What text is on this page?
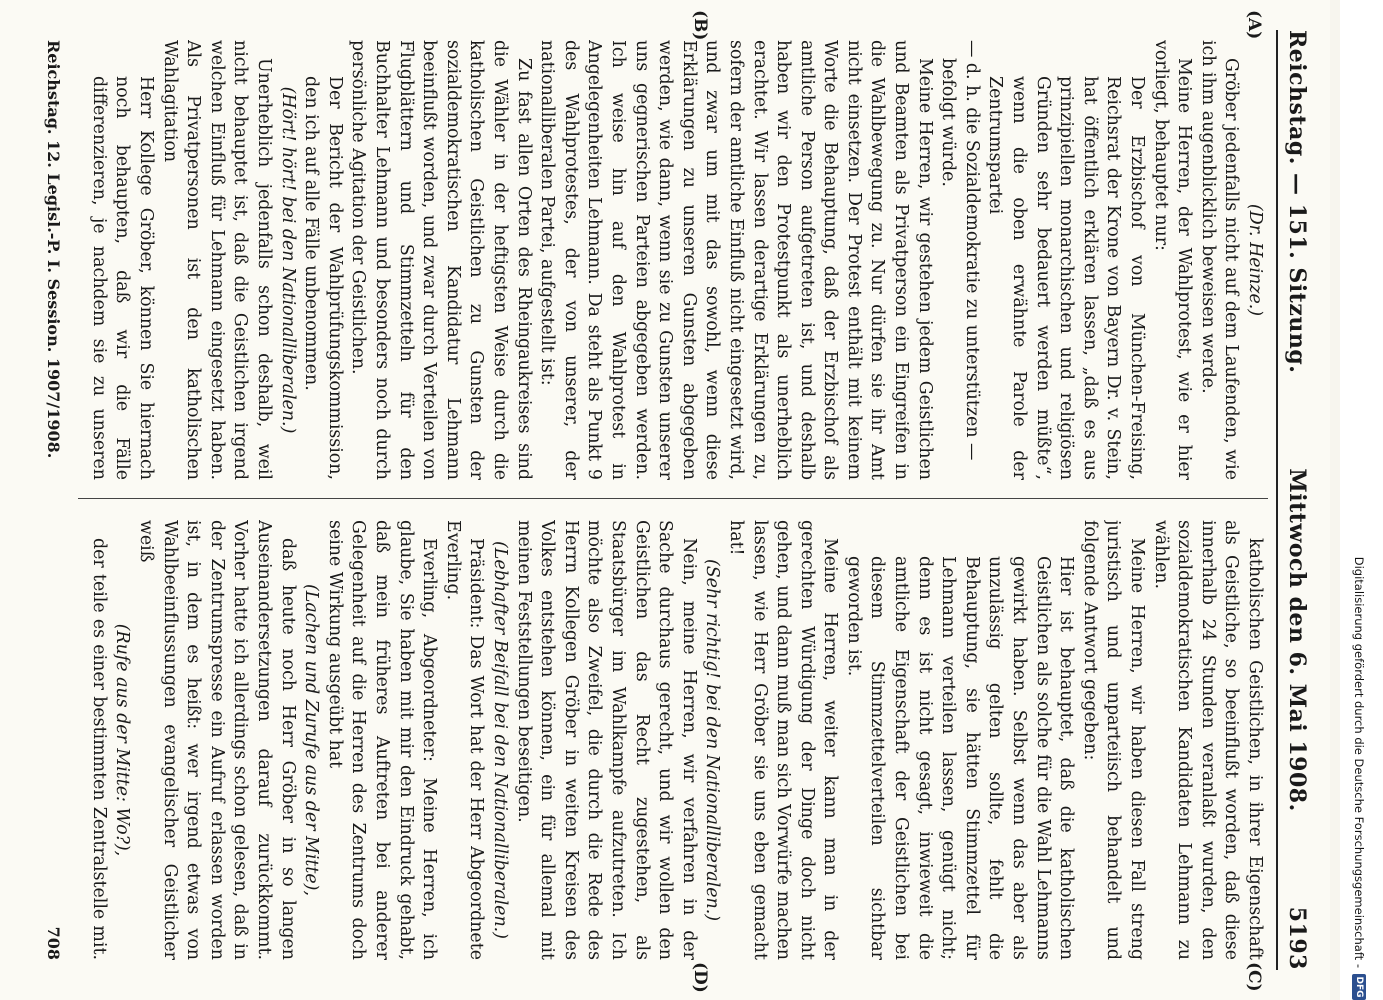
Reichstag. — 151. Sitzung.
Mittwoch den 6. Mai 1908.
5193
(A)
(B)
(C)
(D)

(Dr. Heinze.)

Gröber jedenfalls nicht auf dem Laufenden, wie ich ihm augenblicklich beweisen werde.

Meine Herren, der Wahlprotest, wie er hier vorliegt, behauptet nur:

Der Erzbischof von München-Freising, Reichsrat der Krone von Bayern Dr. v. Stein, hat öffentlich erklären lassen, „daß es aus prinzipiellen monarchischen und religiösen Gründen sehr bedauert werden müßte“, wenn die oben erwähnte Parole der Zentrumspartei

— d. h. die Sozialdemokratie zu unterstützen —

befolgt würde.

Meine Herren, wir gestehen jedem Geistlichen und Beamten als Privatperson ein Eingreifen in die Wahlbewegung zu. Nur dürfen sie ihr Amt nicht einsetzen. Der Protest enthält mit keinem Worte die Behauptung, daß der Erzbischof als amtliche Person aufgetreten ist, und deshalb haben wir den Protestpunkt als unerheblich erachtet. Wir lassen derartige Erklärungen zu, sofern der amtliche Einfluß nicht eingesetzt wird, und zwar um mit das sowohl, wenn diese Erklärungen zu unseren Gunsten abgegeben werden, wie dann, wenn sie zu Gunsten unserer uns gegnerischen Parteien abgegeben werden. Ich weise hin auf den Wahlprotest in Angelegenheiten Lehmann. Da steht als Punkt 9 des Wahlprotestes, der von unserer, der nationalliberalen Partei, aufgestellt ist:

Zu fast allen Orten des Rheingaukreises sind die Wähler in der heftigsten Weise durch die katholischen Geistlichen zu Gunsten der sozialdemokratischen Kandidatur Lehmann beeinflußt worden, und zwar durch Verteilen von Flugblättern und Stimmzetteln für den Buchhalter Lehmann und besonders noch durch persönliche Agitation der Geistlichen.

Der Bericht der Wahlprüfungskommission, den ich auf alle Fälle unbenommen.

(Hört! hört! bei den Nationalliberalen.)

Unerheblich jedenfalls schon deshalb, weil nicht behauptet ist, daß die Geistlichen irgend welchen Einfluß für Lehmann eingesetzt haben. Als Privatpersonen ist den katholischen Wahlagitation

Herr Kollege Gröber, können Sie hiernach noch behaupten, daß wir die Fälle differenzieren, je nachdem sie zu unseren

katholischen Geistlichen, in ihrer Eigenschaft als Geistliche, so beeinflußt worden, daß diese innerhalb 24 Stunden veranlaßt wurden, den sozialdemokratischen Kandidaten Lehmann zu wählen.

Meine Herren, wir haben diesen Fall streng juristisch und unparteiisch behandelt und folgende Antwort gegeben:

Hier ist behauptet, daß die katholischen Geistlichen als solche für die Wahl Lehmanns gewirkt haben. Selbst wenn das aber als unzulässig gelten sollte, fehlt die Behauptung, sie hätten Stimmzettel für Lehmann verteilen lassen, genügt nicht; denn es ist nicht gesagt, inwieweit die amtliche Eigenschaft der Geistlichen bei diesem Stimmzettelverteilen sichtbar geworden ist.

Meine Herren, weiter kann man in der gerechten Würdigung der Dinge doch nicht gehen, und dann muß man sich Vorwürfe machen lassen, wie Herr Gröber sie uns eben gemacht hat!

(Sehr richtig! bei den Nationalliberalen.)

Nein, meine Herren, wir verfahren in der Sache durchaus gerecht, und wir wollen den Geistlichen das Recht zugestehen, als Staatsbürger im Wahlkampfe aufzutreten. Ich möchte also Zweifel, die durch die Rede des Herrn Kollegen Gröber in weiten Kreisen des Volkes entstehen können, ein für allemal mit meinen Feststellungen beseitigen.

(Lebhafter Beifall bei den Nationalliberalen.)

Präsident: Das Wort hat der Herr Abgeordnete Everling.

Everling, Abgeordneter: Meine Herren, ich glaube, Sie haben mit mir den Eindruck gehabt, daß mein früheres Auftreten bei anderer Gelegenheit auf die Herren des Zentrums doch seine Wirkung ausgeübt hat

(Lachen und Zurufe aus der Mitte),

daß heute noch Herr Gröber in so langen Auseinandersetzungen darauf zurückkommt. Vorher hatte ich allerdings schon gelesen, daß in der Zentrumspresse ein Aufruf erlassen worden ist, in dem es heißt: wer irgend etwas von Wahlbeeinflussungen evangelischer Geistlicher weiß

(Rufe aus der Mitte: Wo?),

der teile es einer bestimmten Zentralstelle mit.

Reichstag. 12. Legisl.-P. I. Session. 1907/1908.
708	Digitalisierung gefördert durch die Deutsche Forschungsgemeinschaft -
DFG
